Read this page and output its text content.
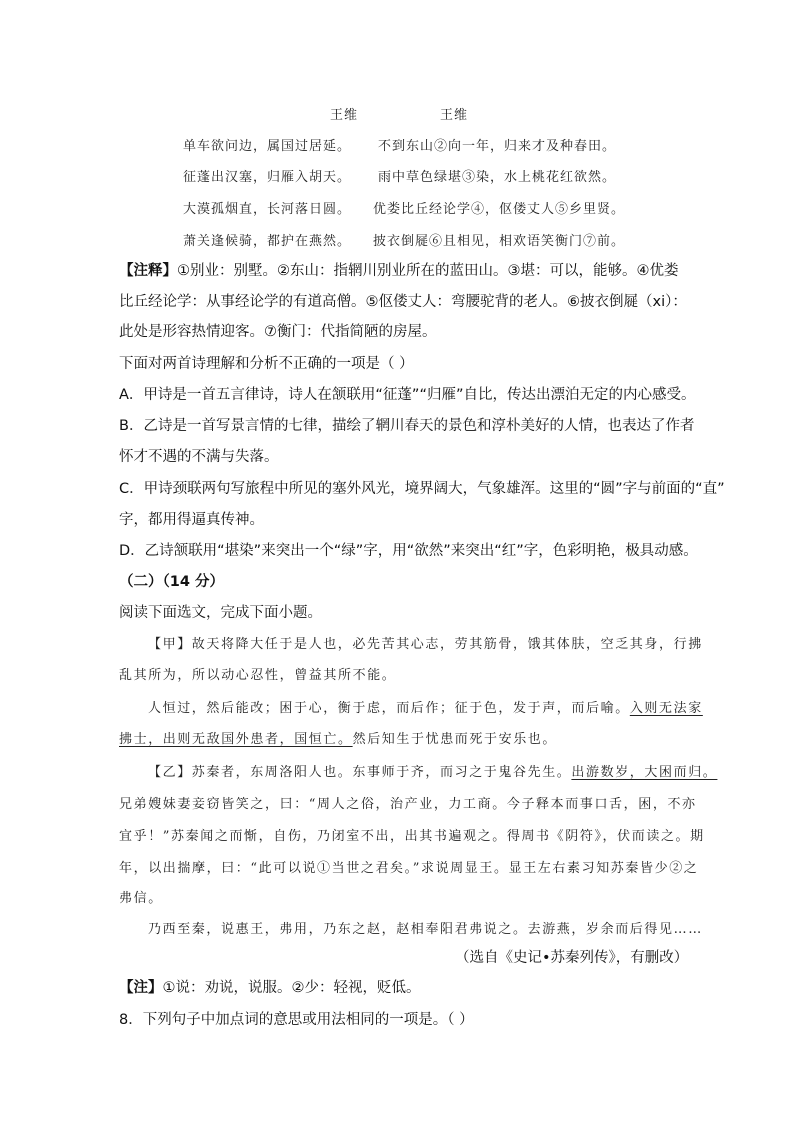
王维	王维
单车欲问边，属国过居延。 不到东山②向一年，归来才及种春田。
征蓬出汉塞，归雁入胡天。 雨中草色绿堪③染，水上桃花红欲然。
大漠孤烟直，长河落日圆。 优娄比丘经论学④，伛偻丈人⑤乡里贤。
萧关逢候骑，都护在燕然。 披衣倒屣⑥且相见，相欢语笑衡门⑦前。
【注释】①别业：别墅。②东山：指辋川别业所在的蓝田山。③堪：可以，能够。④优娄
比丘经论学：从事经论学的有道高僧。⑤伛偻丈人：弯腰驼背的老人。⑥披衣倒屣（xi）：
此处是形容热情迎客。⑦衡门：代指简陋的房屋。
下面对两首诗理解和分析不正确的一项是（ ）
A．甲诗是一首五言律诗，诗人在颔联用“征蓬”“归雁”自比，传达出漂泊无定的内心感受。
B．乙诗是一首写景言情的七律，描绘了辋川春天的景色和淳朴美好的人情，也表达了作者
怀才不遇的不满与失落。
C．甲诗颈联两句写旅程中所见的塞外风光，境界阔大，气象雄浑。这里的“圆”字与前面的“直”
字，都用得逼真传神。
D．乙诗颔联用“堪染”来突出一个“绿”字，用“欲然”来突出“红”字，色彩明艳，极具动感。
（二）（14 分）
阅读下面选文，完成下面小题。
【甲】故天将降大任于是人也，必先苦其心志，劳其筋骨，饿其体肤，空乏其身，行拂
乱其所为，所以动心忍性，曾益其所不能。
人恒过，然后能改；困于心，衡于虑，而后作；征于色，发于声，而后喻。入则无法家
拂士，出则无敌国外患者，国恒亡。然后知生于忧患而死于安乐也。
【乙】苏秦者，东周洛阳人也。东事师于齐，而习之于鬼谷先生。出游数岁，大困而归。
兄弟嫂妹妻妾窃皆笑之，曰：“周人之俗，治产业，力工商。今子释本而事口舌，困，不亦
宜乎！”苏秦闻之而惭，自伤，乃闭室不出，出其书遍观之。得周书《阴符》，伏而读之。期
年，以出揣摩，曰：“此可以说①当世之君矣。”求说周显王。显王左右素习知苏秦皆少②之
弗信。
乃西至秦，说惠王，弗用，乃东之赵，赵相奉阳君弗说之。去游燕，岁余而后得见……
（选自《史记•苏秦列传》，有删改）
【注】①说：劝说，说服。②少：轻视，贬低。
8．下列句子中加点词的意思或用法相同的一项是。（ ）
